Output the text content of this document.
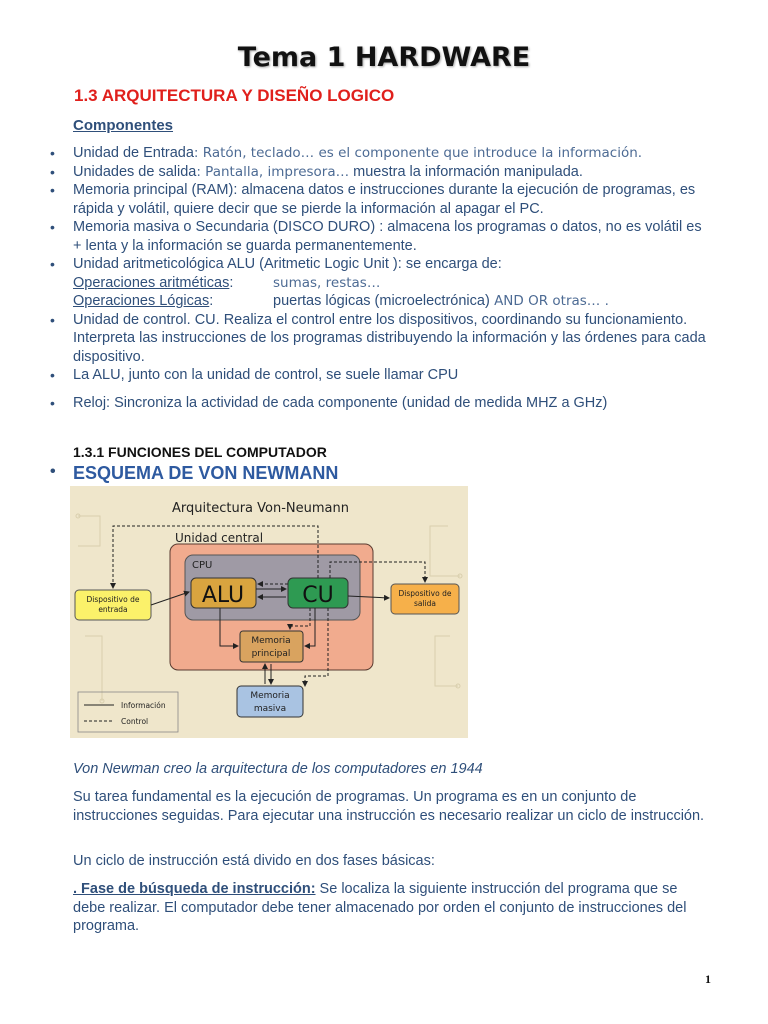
Tema 1 HARDWARE
1.3 ARQUITECTURA Y DISEÑO LOGICO
Componentes
• Unidad de Entrada: Ratón, teclado… es el componente que introduce la información.
• Unidades de salida: Pantalla, impresora… muestra la información manipulada.
• Memoria principal (RAM): almacena datos e instrucciones durante la ejecución de programas, es rápida y volátil, quiere decir que se pierde la información al apagar el PC.
• Memoria masiva o Secundaria (DISCO DURO) : almacena los programas o datos, no es volátil es + lenta y la información se guarda permanentemente.
• Unidad aritmeticológica ALU (Aritmetic Logic Unit ): se encarga de:
Operaciones aritméticas:	sumas, restas…
Operaciones Lógicas:	puertas lógicas (microelectrónica) AND OR otras… .
• Unidad de control. CU. Realiza el control entre los dispositivos, coordinando su funcionamiento. Interpreta las instrucciones de los programas distribuyendo la información y las órdenes para cada dispositivo.
• La ALU, junto con la unidad de control, se suele llamar CPU
• Reloj: Sincroniza la actividad de cada componente (unidad de medida MHZ a GHz)
1.3.1 FUNCIONES DEL COMPUTADOR
• ESQUEMA DE VON NEWMANN
Arquitectura Von-Neumann
Unidad central
CPU
ALU	CU
Dispositivo de
entrada
Dispositivo de
salida
Memoria
principal
Memoria
masiva
Información
Control
Von Newman creo la arquitectura de los computadores en 1944
Su tarea fundamental es la ejecución de programas. Un programa es en un conjunto de instrucciones seguidas. Para ejecutar una instrucción es necesario realizar un ciclo de instrucción.
Un ciclo de instrucción está divido en dos fases básicas:
. Fase de búsqueda de instrucción: Se localiza la siguiente instrucción del programa que se debe realizar. El computador debe tener almacenado por orden el conjunto de instrucciones del programa.
1
